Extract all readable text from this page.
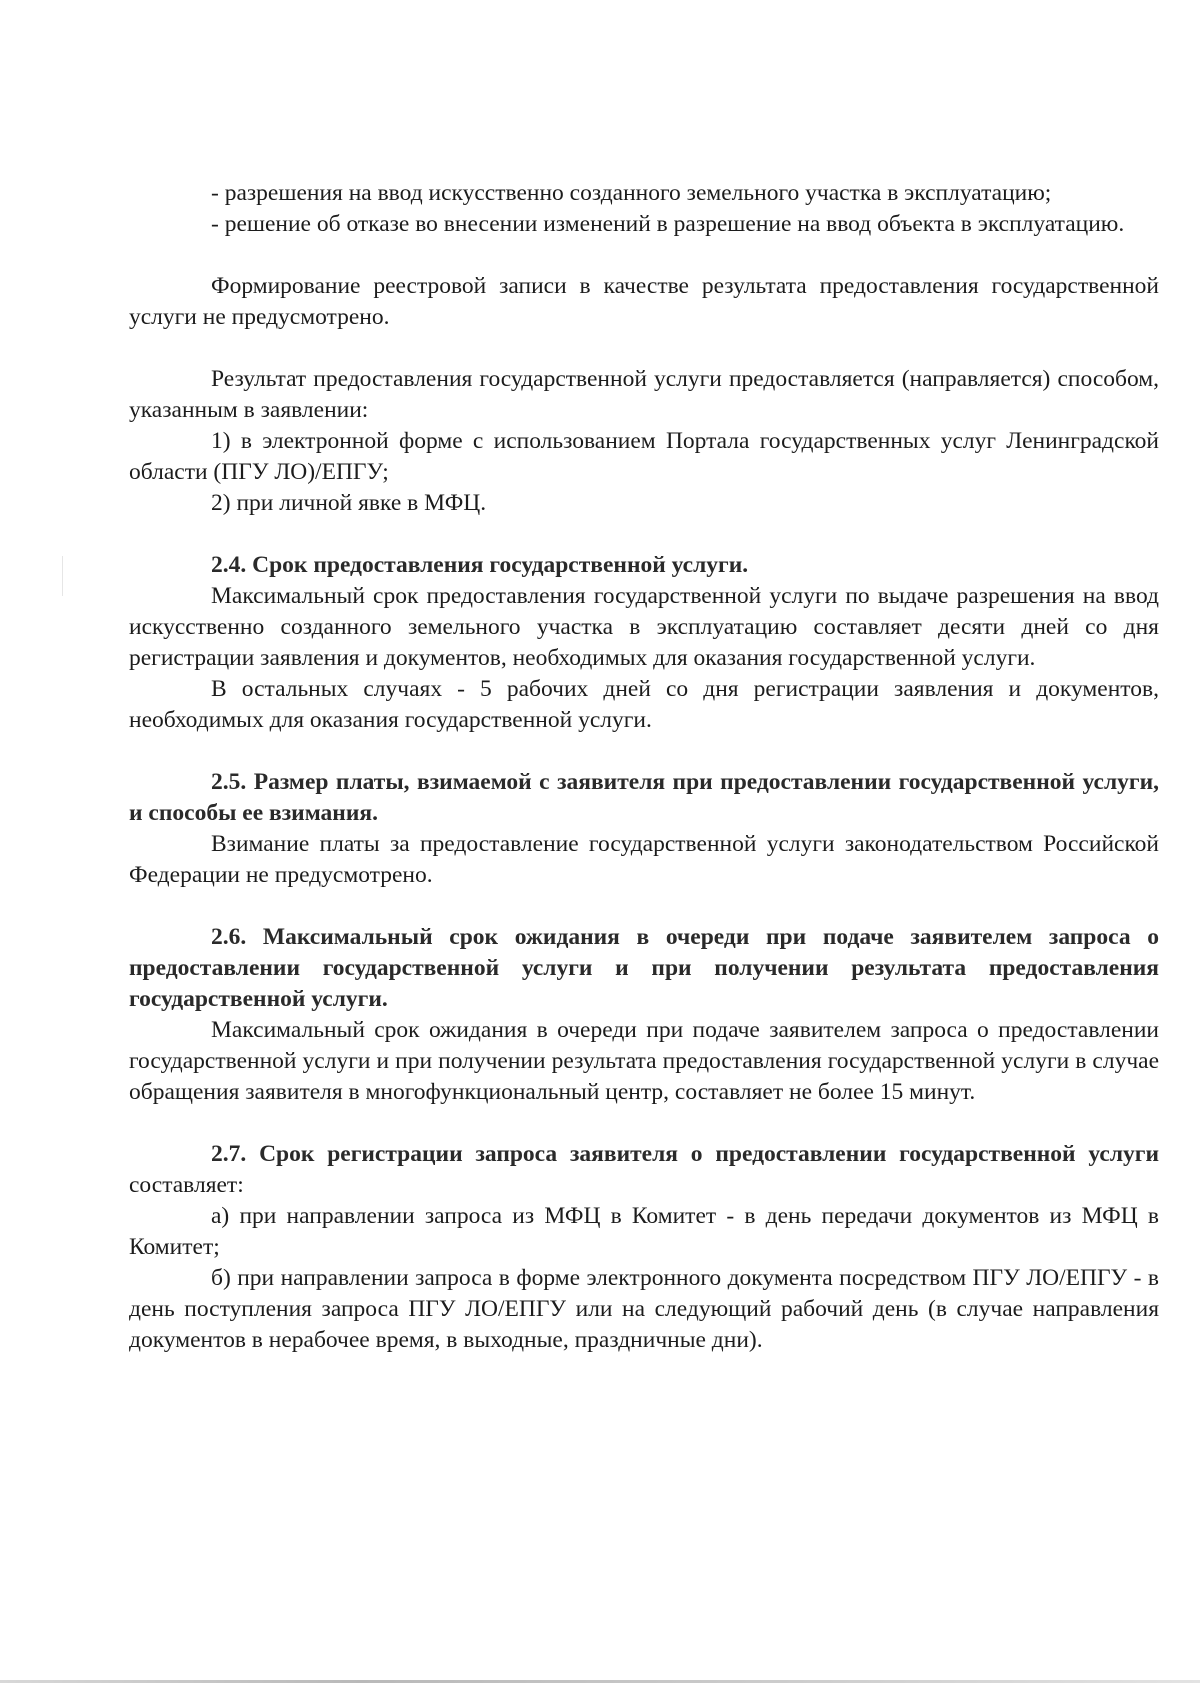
- разрешения на ввод искусственно созданного земельного участка в эксплуатацию;

- решение об отказе во внесении изменений в разрешение на ввод объекта в эксплуатацию.

Формирование реестровой записи в качестве результата предоставления государственной услуги не предусмотрено.

Результат предоставления государственной услуги предоставляется (направляется) способом, указанным в заявлении:

1) в электронной форме с использованием Портала государственных услуг Ленинградской области (ПГУ ЛО)/ЕПГУ;

2) при личной явке в МФЦ.

2.4. Срок предоставления государственной услуги.

Максимальный срок предоставления государственной услуги по выдаче разрешения на ввод искусственно созданного земельного участка в эксплуатацию составляет десяти дней со дня регистрации заявления и документов, необходимых для оказания государственной услуги.

В остальных случаях - 5 рабочих дней со дня регистрации заявления и документов, необходимых для оказания государственной услуги.

2.5. Размер платы, взимаемой с заявителя при предоставлении государственной услуги, и способы ее взимания.

Взимание платы за предоставление государственной услуги законодательством Российской Федерации не предусмотрено.

2.6. Максимальный срок ожидания в очереди при подаче заявителем запроса о предоставлении государственной услуги и при получении результата предоставления государственной услуги.

Максимальный срок ожидания в очереди при подаче заявителем запроса о предоставлении государственной услуги и при получении результата предоставления государственной услуги в случае обращения заявителя в многофункциональный центр, составляет не более 15 минут.

2.7. Срок регистрации запроса заявителя о предоставлении государственной услуги составляет:

а) при направлении запроса из МФЦ в Комитет - в день передачи документов из МФЦ в Комитет;

б) при направлении запроса в форме электронного документа посредством ПГУ ЛО/ЕПГУ - в день поступления запроса ПГУ ЛО/ЕПГУ или на следующий рабочий день (в случае направления документов в нерабочее время, в выходные, праздничные дни).
